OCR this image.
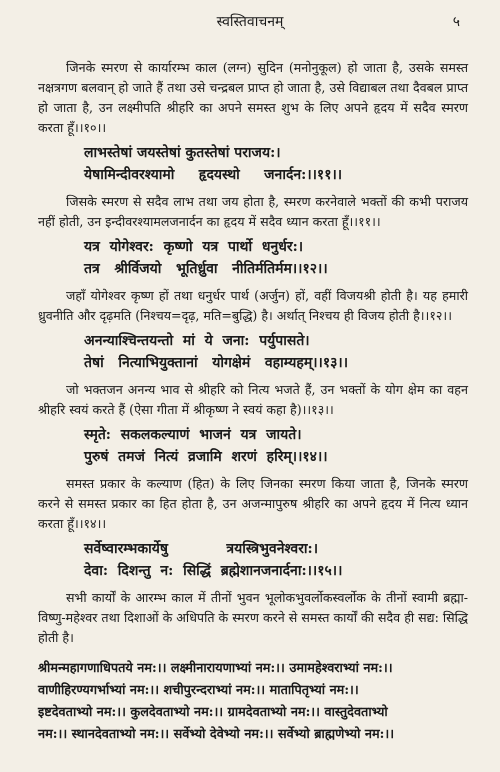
स्वस्तिवाचनम्	५

जिनके स्मरण से कार्यारम्भ काल (लग्न) सुदिन (मनोनुकूल) हो जाता है, उसके समस्त नक्षत्रगण बलवान् हो जाते हैं तथा उसे चन्द्रबल प्राप्त हो जाता है, उसे विद्याबल तथा दैवबल प्राप्त हो जाता है, उन लक्ष्मीपति श्रीहरि का अपने समस्त शुभ के लिए अपने हृदय में सदैव स्मरण करता हूँ।।१०।।

लाभस्तेषां जयस्तेषां कुतस्तेषां पराजय:।

येषामिन्दीवरश्यामो     हृदयस्थो     जनार्दन:।।११।।

जिसके स्मरण से सदैव लाभ तथा जय होता है, स्मरण करनेवाले भक्तों की कभी पराजय नहीं होती, उन इन्दीवरश्यामलजनार्दन का हृदय में सदैव ध्यान करता हूँ।।११।।

यत्र  योगेश्वर:  कृष्णो  यत्र  पार्थो  धनुर्धर:।

तत्र   श्रीर्विजयो   भूतिर्ध्रुवा   नीतिर्मतिर्मम।।१२।।

जहाँ योगेश्वर कृष्ण हों तथा धनुर्धर पार्थ (अर्जुन) हों, वहीं विजयश्री होती है। यह हमारी ध्रुवनीति और दृढ़मति (निश्चय=दृढ़, मति=बुद्धि) है। अर्थात् निश्चय ही विजय होती है।।१२।।

अनन्याश्चिन्तयन्तो  मां  ये  जना:  पर्युपासते।

तेषां   नित्याभियुक्तानां   योगक्षेमं   वहाम्यहम्।।१३।।

जो भक्तजन अनन्य भाव से श्रीहरि को नित्य भजते हैं, उन भक्तों के योग क्षेम का वहन श्रीहरि स्वयं करते हैं (ऐसा गीता में श्रीकृष्ण ने स्वयं कहा है)।।१३।।

स्मृते:  सकलकल्याणं  भाजनं  यत्र  जायते।

पुरुषं  तमजं  नित्यं  व्रजामि  शरणं  हरिम्।।१४।।

समस्त प्रकार के कल्याण (हित) के लिए जिनका स्मरण किया जाता है, जिनके स्मरण करने से समस्त प्रकार का हित होता है, उन अजन्मापुरुष श्रीहरि का अपने हृदय में नित्य ध्यान करता हूँ।।१४।।

सर्वेष्वारम्भकार्येषु            त्रयस्त्रिभुवनेश्वरा:।

देवा:  दिशन्तु  न:  सिद्धिं  ब्रह्मेशानजनार्दना:।।१५।।

सभी कार्यों के आरम्भ काल में तीनों भुवन भूलोकभुवर्लोकस्वर्लोक के तीनों स्वामी ब्रह्मा-विष्णु-महेश्वर तथा दिशाओं के अधिपति के स्मरण करने से समस्त कार्यों की सदैव ही सद्य: सिद्धि होती है।

श्रीमन्महागणाधिपतये नम:।। लक्ष्मीनारायणाभ्यां नम:।। उमामहेश्वराभ्यां नम:।।

वाणीहिरण्यगर्भाभ्यां नम:।। शचीपुरन्दराभ्यां नम:।। मातापितृभ्यां नम:।।

इष्टदेवताभ्यो नम:।। कुलदेवताभ्यो नम:।। ग्रामदेवताभ्यो नम:।। वास्तुदेवताभ्यो

नम:।। स्थानदेवताभ्यो नम:।। सर्वेभ्यो देवेभ्यो नम:।। सर्वेभ्यो ब्राह्मणेभ्यो नम:।।
